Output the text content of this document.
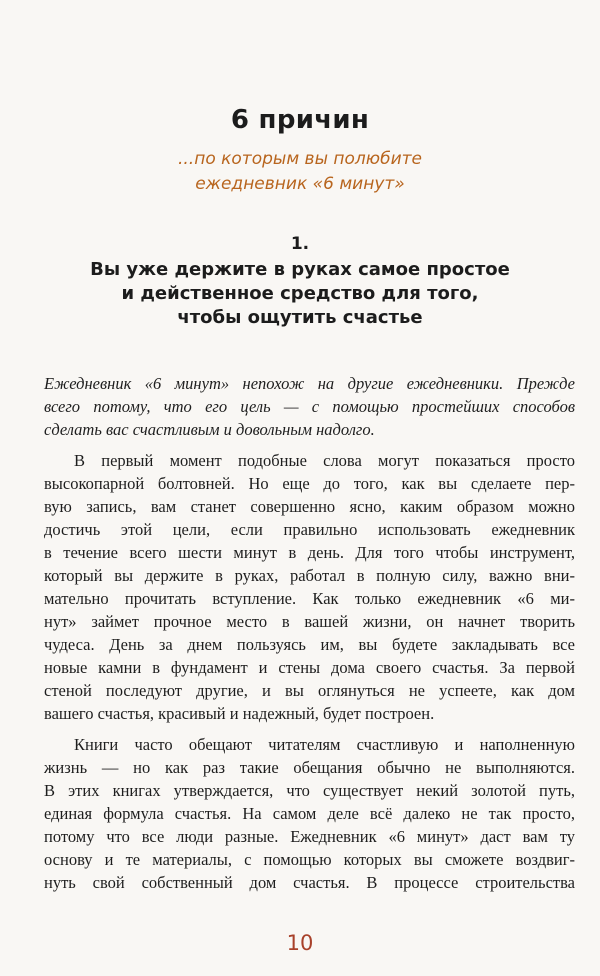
6 причин
...по которым вы полюбите
ежедневник «6 минут»
1.
Вы уже держите в руках самое простое
и действенное средство для того,
чтобы ощутить счастье
Ежедневник «6 минут» непохож на другие ежедневники. Прежде
всего потому, что его цель — с помощью простейших способов
сделать вас счастливым и довольным надолго.
В первый момент подобные слова могут показаться просто
высокопарной болтовней. Но еще до того, как вы сделаете пер-
вую запись, вам станет совершенно ясно, каким образом можно
достичь этой цели, если правильно использовать ежедневник
в течение всего шести минут в день. Для того чтобы инструмент,
который вы держите в руках, работал в полную силу, важно вни-
мательно прочитать вступление. Как только ежедневник «6 ми-
нут» займет прочное место в вашей жизни, он начнет творить
чудеса. День за днем пользуясь им, вы будете закладывать все
новые камни в фундамент и стены дома своего счастья. За первой
стеной последуют другие, и вы оглянуться не успеете, как дом
вашего счастья, красивый и надежный, будет построен.
Книги часто обещают читателям счастливую и наполненную
жизнь — но как раз такие обещания обычно не выполняются.
В этих книгах утверждается, что существует некий золотой путь,
единая формула счастья. На самом деле всё далеко не так просто,
потому что все люди разные. Ежедневник «6 минут» даст вам ту
основу и те материалы, с помощью которых вы сможете воздвиг-
нуть свой собственный дом счастья. В процессе строительства
10
